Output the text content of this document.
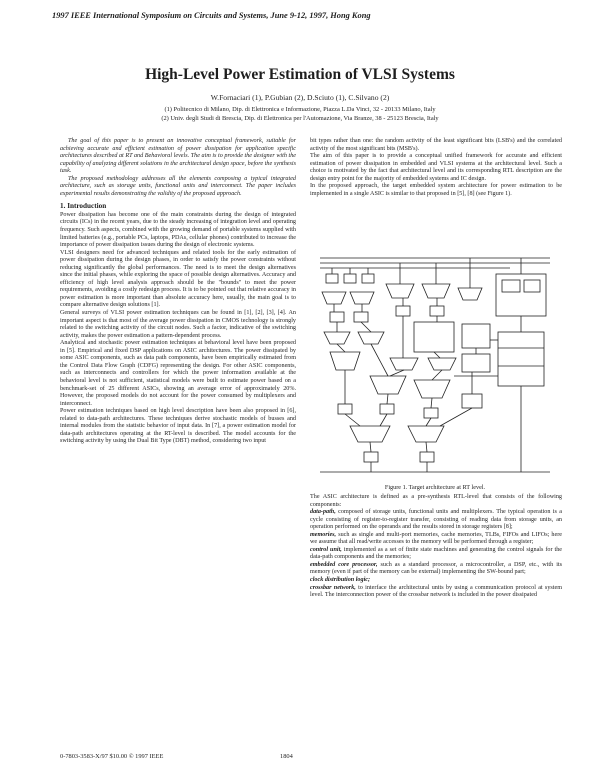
1997 IEEE International Symposium on Circuits and Systems, June 9-12, 1997, Hong Kong
High-Level Power Estimation of VLSI Systems
W.Fornaciari (1), P.Gubian (2), D.Sciuto (1), C.Silvano (2)
(1) Politecnico di Milano, Dip. di Elettronica e Informazione, Piazza L.Da Vinci, 32 - 20133 Milano, Italy
(2) Univ. degli Studi di Brescia, Dip. di Elettronica per l'Automazione, Via Branze, 38 - 25123 Brescia, Italy

The goal of this paper is to present an innovative conceptual framework, suitable for achieving accurate and efficient estimation of power dissipation for application specific architectures described at RT and Behavioral levels. The aim is to provide the designer with the capability of analyzing different solutions in the architectural design space, before the synthesis task.

The proposed methodology addresses all the elements composing a typical integrated architecture, such as storage units, functional units and interconnect. The paper includes experimental results demonstrating the validity of the proposed approach.

1. Introduction

Power dissipation has become one of the main constraints during the design of integrated circuits (ICs) in the recent years, due to the steady increasing of integration level and operating frequency. Such aspects, combined with the growing demand of portable systems supplied with limited batteries (e.g., portable PCs, laptops, PDAs, cellular phones) contributed to increase the importance of power dissipation issues during the design of electronic systems.

VLSI designers need for advanced techniques and related tools for the early estimation of power dissipation during the design phases, in order to satisfy the power constraints without reducing significantly the global performances. The need is to meet the design alternatives since the initial phases, while exploring the space of possible design alternatives. Accuracy and efficiency of high level analysis approach should be the "bounds" to meet the power requirements, avoiding a costly redesign process. It is to be pointed out that relative accuracy in power estimation is more important than absolute accuracy here, usually, the main goal is to compare alternative design solutions [1].

General surveys of VLSI power estimation techniques can be found in [1], [2], [3], [4]. An important aspect is that most of the average power dissipation in CMOS technology is strongly related to the switching activity of the circuit nodes. Such a factor, indicative of the switching activity, makes the power estimation a pattern-dependent process.

Analytical and stochastic power estimation techniques at behavioral level have been proposed in [5]. Empirical and fixed DSP applications on ASIC architectures. The power dissipated by some ASIC components, such as data path components, have been empirically estimated from the Control Data Flow Graph (CDFG) representing the design. For other ASIC components, such as interconnects and controllers for which the power information available at the behavioral level is not sufficient, statistical models were built to estimate power based on a benchmark-set of 25 different ASICs, showing an average error of approximately 20%. However, the proposed models do not account for the power consumed by multiplexers and interconnect.

Power estimation techniques based on high level description have been also proposed in [6], related to data-path architectures. These techniques derive stochastic models of busses and internal modules from the statistic behavior of input data. In [7], a power estimation model for data-path architectures operating at the RT-level is described. The model accounts for the switching activity by using the Dual Bit Type (DBT) method, considering two input

bit types rather than one: the random activity of the least significant bits (LSB's) and the correlated activity of the most significant bits (MSB's).

The aim of this paper is to provide a conceptual unified framework for accurate and efficient estimation of power dissipation in embedded and VLSI systems at the architectural level. Such a choice is motivated by the fact that architectural level and its corresponding RTL description are the design entry point for the majority of embedded systems and IC design.

In the proposed approach, the target embedded system architecture for power estimation to be implemented in a single ASIC is similar to that proposed in [5], [8] (see Figure 1).

Figure 1. Target architecture at RT level.

The ASIC architecture is defined as a pre-synthesis RTL-level that consists of the following components:

data-path, composed of storage units, functional units and multiplexers. The typical operation is a cycle consisting of register-to-register transfer, consisting of reading data from storage units, an operation performed on the operands and the results stored in storage registers [8];

memories, such as single and multi-port memories, cache memories, TLBs, FIFOs and LIFOs; here we assume that all read/write accesses to the memory will be performed through a register;

control unit, implemented as a set of finite state machines and generating the control signals for the data-path components and the memories;

embedded core processor, such as a standard processor, a microcontroller, a DSP, etc., with its memory (even if part of the memory can be external) implementing the SW-bound part;

clock distribution logic;

crossbar network, to interface the architectural units by using a communication protocol at system level. The interconnection power of the crossbar network is included in the power dissipated

0-7803-3583-X/97 $10.00 © 1997 IEEE	1804
